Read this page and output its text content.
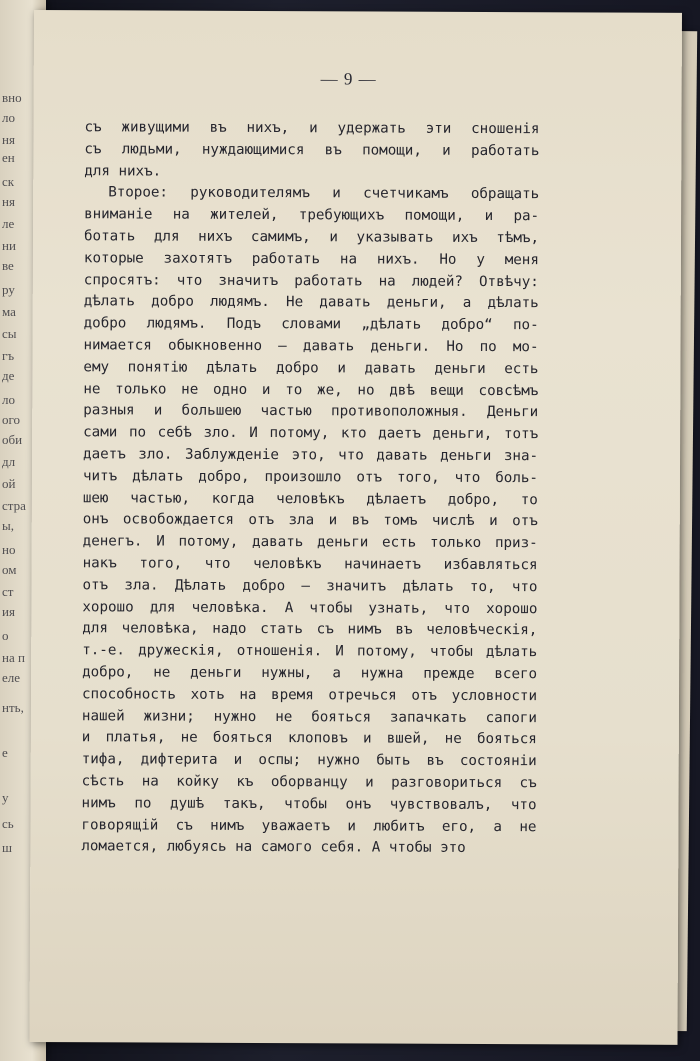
вно
ло
ня
ен
ск
ня
ле
ни
ве
ру
ма
сы
гъ
де
ло
ого
оби
дл
ой
стра
ы,
но
ом
ст
ия
о
на п
еле
нть,
е
у
сь
ш
— 9 —
съ живущими въ нихъ, и удержать эти сношенія
съ людьми, нуждающимися въ помощи, и работать
для нихъ.
Второе: руководителямъ и счетчикамъ обращать
вниманіе на жителей, требующихъ помощи, и ра-
ботать для нихъ самимъ, и указывать ихъ тѣмъ,
которые захотятъ работать на нихъ. Но у меня
спросятъ: что значитъ работать на людей? Отвѣчу:
дѣлать добро людямъ. Не давать деньги, а дѣлать
добро людямъ. Подъ словами „дѣлать добро“ по-
нимается обыкновенно — давать деньги. Но по мо-
ему понятію дѣлать добро и давать деньги есть
не только не одно и то же, но двѣ вещи совсѣмъ
разныя и большею частью противоположныя. Деньги
сами по себѣ зло. И потому, кто даетъ деньги, тотъ
даетъ зло. Заблужденіе это, что давать деньги зна-
читъ дѣлать добро, произошло отъ того, что боль-
шею частью, когда человѣкъ дѣлаетъ добро, то
онъ освобождается отъ зла и въ томъ числѣ и отъ
денегъ. И потому, давать деньги есть только приз-
накъ того, что человѣкъ начинаетъ избавляться
отъ зла. Дѣлать добро — значитъ дѣлать то, что
хорошо для человѣка. А чтобы узнать, что хорошо
для человѣка, надо стать съ нимъ въ человѣческія,
т.-е. дружескія, отношенія. И потому, чтобы дѣлать
добро, не деньги нужны, а нужна прежде всего
способность хоть на время отречься отъ условности
нашей жизни; нужно не бояться запачкать сапоги
и платья, не бояться клоповъ и вшей, не бояться
тифа, дифтерита и оспы; нужно быть въ состояніи
сѣсть на койку къ оборванцу и разговориться съ
нимъ по душѣ такъ, чтобы онъ чувствовалъ, что
говорящій съ нимъ уважаетъ и любитъ его, а не
ломается, любуясь на самого себя. А чтобы это
